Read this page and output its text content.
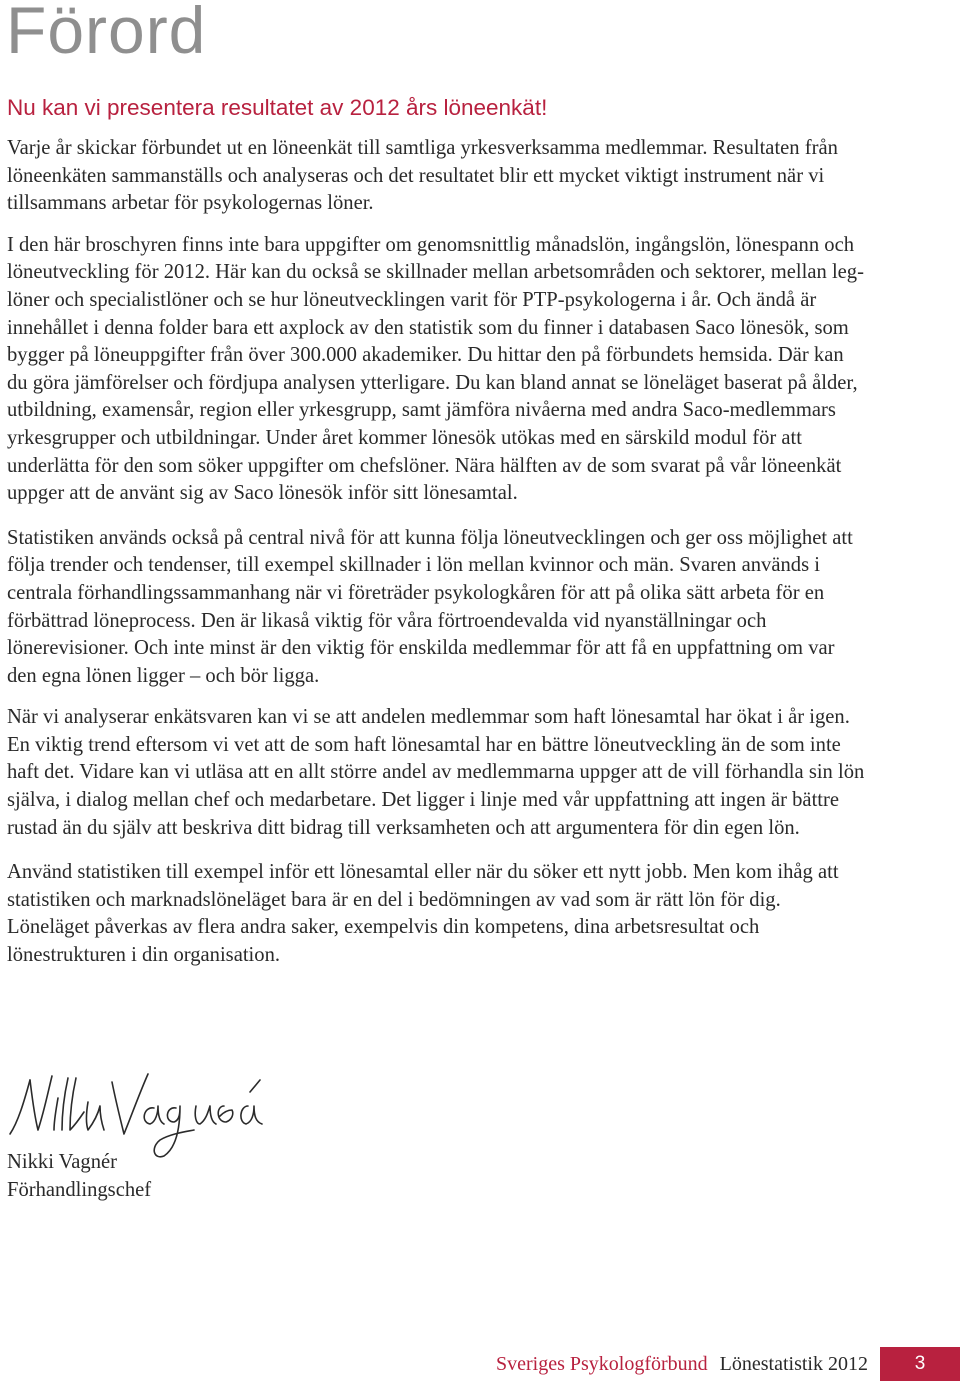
Förord
Nu kan vi presentera resultatet av 2012 års löneenkät!

Varje år skickar förbundet ut en löneenkät till samtliga yrkesverksamma medlemmar. Resultaten från löneenkäten sammanställs och analyseras och det resultatet blir ett mycket viktigt instrument när vi tillsammans arbetar för psykologernas löner.

I den här broschyren finns inte bara uppgifter om genomsnittlig månadslön, ingångslön, lönespann och löneutveckling för 2012. Här kan du också se skillnader mellan arbetsområden och sektorer, mellan leg-löner och specialistlöner och se hur löneutvecklingen varit för PTP-psykologerna i år. Och ändå är innehållet i denna folder bara ett axplock av den statistik som du finner i databasen Saco lönesök, som bygger på löneuppgifter från över 300.000 akademiker. Du hittar den på förbundets hemsida. Där kan du göra jämförelser och fördjupa analysen ytterligare. Du kan bland annat se löneläget baserat på ålder, utbildning, examensår, region eller yrkesgrupp, samt jämföra nivåerna med andra Saco-medlemmars yrkesgrupper och utbildningar. Under året kommer lönesök utökas med en särskild modul för att underlätta för den som söker uppgifter om chefslöner. Nära hälften av de som svarat på vår löneenkät uppger att de använt sig av Saco lönesök inför sitt lönesamtal.

Statistiken används också på central nivå för att kunna följa löneutvecklingen och ger oss möjlighet att följa trender och tendenser, till exempel skillnader i lön mellan kvinnor och män. Svaren används i centrala förhandlingssammanhang när vi företräder psykologkåren för att på olika sätt arbeta för en förbättrad löneprocess. Den är likaså viktig för våra förtroendevalda vid nyanställningar och lönerevisioner. Och inte minst är den viktig för enskilda medlemmar för att få en uppfattning om var den egna lönen ligger – och bör ligga.

När vi analyserar enkätsvaren kan vi se att andelen medlemmar som haft lönesamtal har ökat i år igen. En viktig trend eftersom vi vet att de som haft lönesamtal har en bättre löneutveckling än de som inte haft det. Vidare kan vi utläsa att en allt större andel av medlemmarna uppger att de vill förhandla sin lön själva, i dialog mellan chef och medarbetare. Det ligger i linje med vår uppfattning att ingen är bättre rustad än du själv att beskriva ditt bidrag till verksamheten och att argumentera för din egen lön.

Använd statistiken till exempel inför ett lönesamtal eller när du söker ett nytt jobb. Men kom ihåg att statistiken och marknadslöneläget bara är en del i bedömningen av vad som är rätt lön för dig. Löneläget påverkas av flera andra saker, exempelvis din kompetens, dina arbetsresultat och lönestrukturen i din organisation.

Nikki Vagnér

Förhandlingschef

Sveriges Psykologförbund Lönestatistik 2012	3
